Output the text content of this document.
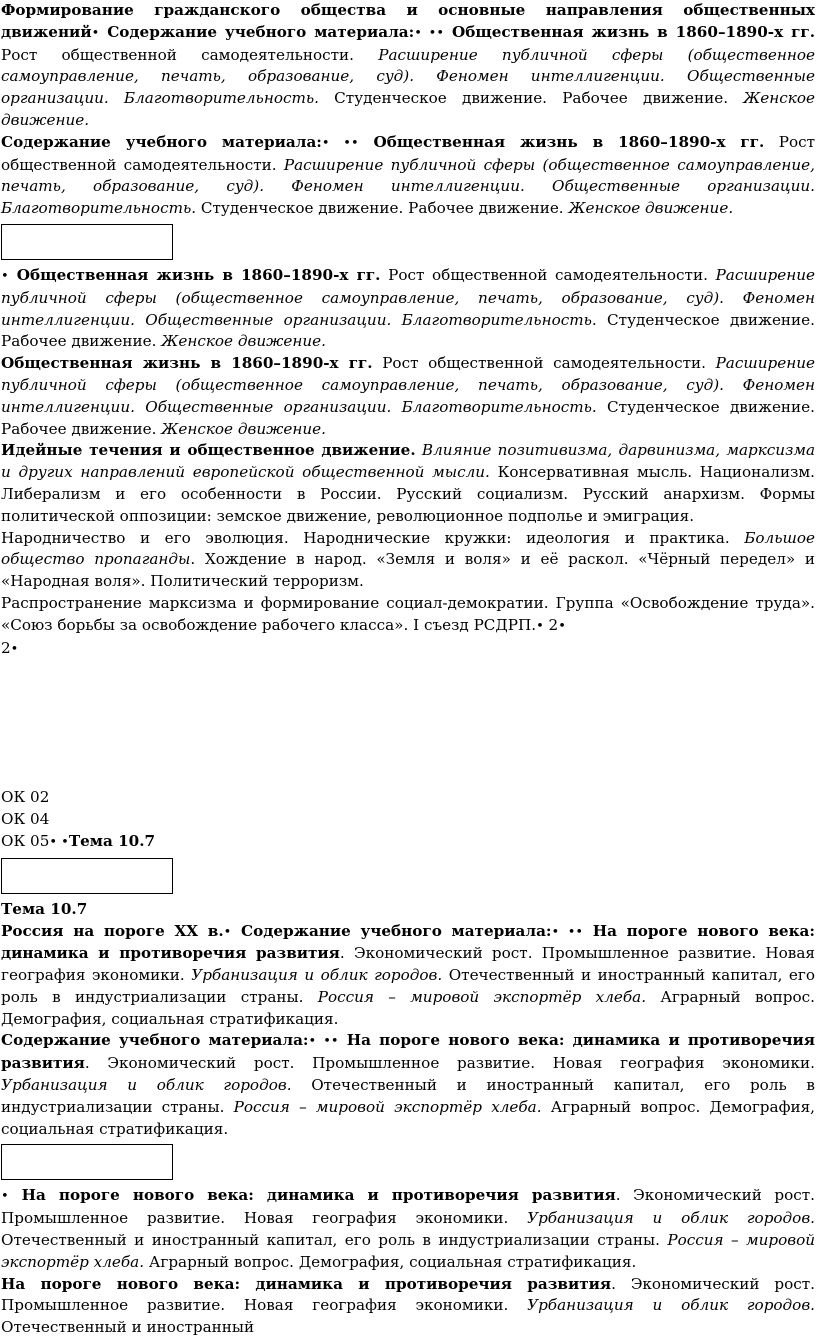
Формирование гражданского общества и основные направления общественных движений• Содержание учебного материала:• •• Общественная жизнь в 1860–1890-х гг. Рост общественной самодеятельности. Расширение публичной сферы (общественное самоуправление, печать, образование, суд). Феномен интеллигенции. Общественные организации. Благотворительность. Студенческое движение. Рабочее движение. Женское движение.

Содержание учебного материала:• •• Общественная жизнь в 1860–1890-х гг. Рост общественной самодеятельности. Расширение публичной сферы (общественное самоуправление, печать, образование, суд). Феномен интеллигенции. Общественные организации. Благотворительность. Студенческое движение. Рабочее движение. Женское движение.

• Общественная жизнь в 1860–1890-х гг. Рост общественной самодеятельности. Расширение публичной сферы (общественное самоуправление, печать, образование, суд). Феномен интеллигенции. Общественные организации. Благотворительность. Студенческое движение. Рабочее движение. Женское движение.

Общественная жизнь в 1860–1890-х гг. Рост общественной самодеятельности. Расширение публичной сферы (общественное самоуправление, печать, образование, суд). Феномен интеллигенции. Общественные организации. Благотворительность. Студенческое движение. Рабочее движение. Женское движение.

Идейные течения и общественное движение. Влияние позитивизма, дарвинизма, марксизма и других направлений европейской общественной мысли. Консервативная мысль. Национализм. Либерализм и его особенности в России. Русский социализм. Русский анархизм. Формы политической оппозиции: земское движение, революционное подполье и эмиграция.

Народничество и его эволюция. Народнические кружки: идеология и практика. Большое общество пропаганды. Хождение в народ. «Земля и воля» и её раскол. «Чёрный передел» и «Народная воля». Политический терроризм.

Распространение марксизма и формирование социал-демократии. Группа «Освобождение труда». «Союз борьбы за освобождение рабочего класса». I съезд РСДРП.• 2•

2•

ОК 02

ОК 04

ОК 05• •Тема 10.7

Тема 10.7

Россия на пороге XX в.• Содержание учебного материала:• •• На пороге нового века: динамика и противоречия развития. Экономический рост. Промышленное развитие. Новая география экономики. Урбанизация и облик городов. Отечественный и иностранный капитал, его роль в индустриализации страны. Россия – мировой экспортёр хлеба. Аграрный вопрос. Демография, социальная стратификация.

Содержание учебного материала:• •• На пороге нового века: динамика и противоречия развития. Экономический рост. Промышленное развитие. Новая география экономики. Урбанизация и облик городов. Отечественный и иностранный капитал, его роль в индустриализации страны. Россия – мировой экспортёр хлеба. Аграрный вопрос. Демография, социальная стратификация.

• На пороге нового века: динамика и противоречия развития. Экономический рост. Промышленное развитие. Новая география экономики. Урбанизация и облик городов. Отечественный и иностранный капитал, его роль в индустриализации страны. Россия – мировой экспортёр хлеба. Аграрный вопрос. Демография, социальная стратификация.

На пороге нового века: динамика и противоречия развития. Экономический рост. Промышленное развитие. Новая география экономики. Урбанизация и облик городов. Отечественный и иностранный
